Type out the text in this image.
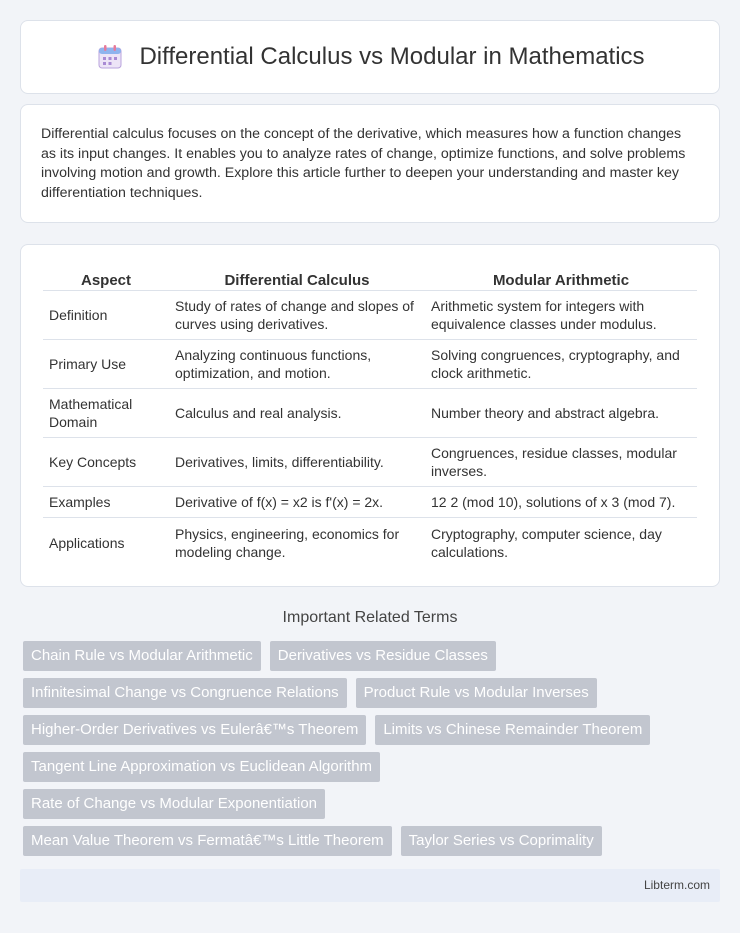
Differential Calculus vs Modular in Mathematics

Differential calculus focuses on the concept of the derivative, which measures how a function changes as its input changes. It enables you to analyze rates of change, optimize functions, and solve problems involving motion and growth. Explore this article further to deepen your understanding and master key differentiation techniques.

Aspect	Differential Calculus	Modular Arithmetic
Definition	Study of rates of change and slopes of curves using derivatives.	Arithmetic system for integers with equivalence classes under modulus.
Primary Use	Analyzing continuous functions, optimization, and motion.	Solving congruences, cryptography, and clock arithmetic.
Mathematical Domain	Calculus and real analysis.	Number theory and abstract algebra.
Key Concepts	Derivatives, limits, differentiability.	Congruences, residue classes, modular inverses.
Examples	Derivative of f(x) = x2 is f'(x) = 2x.	12 2 (mod 10), solutions of x 3 (mod 7).
Applications	Physics, engineering, economics for modeling change.	Cryptography, computer science, day calculations.
Important Related Terms
Chain Rule vs Modular Arithmetic	Derivatives vs Residue Classes
Infinitesimal Change vs Congruence Relations	Product Rule vs Modular Inverses
Higher-Order Derivatives vs Eulerâ€™s Theorem	Limits vs Chinese Remainder Theorem
Tangent Line Approximation vs Euclidean Algorithm
Rate of Change vs Modular Exponentiation
Mean Value Theorem vs Fermatâ€™s Little Theorem	Taylor Series vs Coprimality
Libterm.com
